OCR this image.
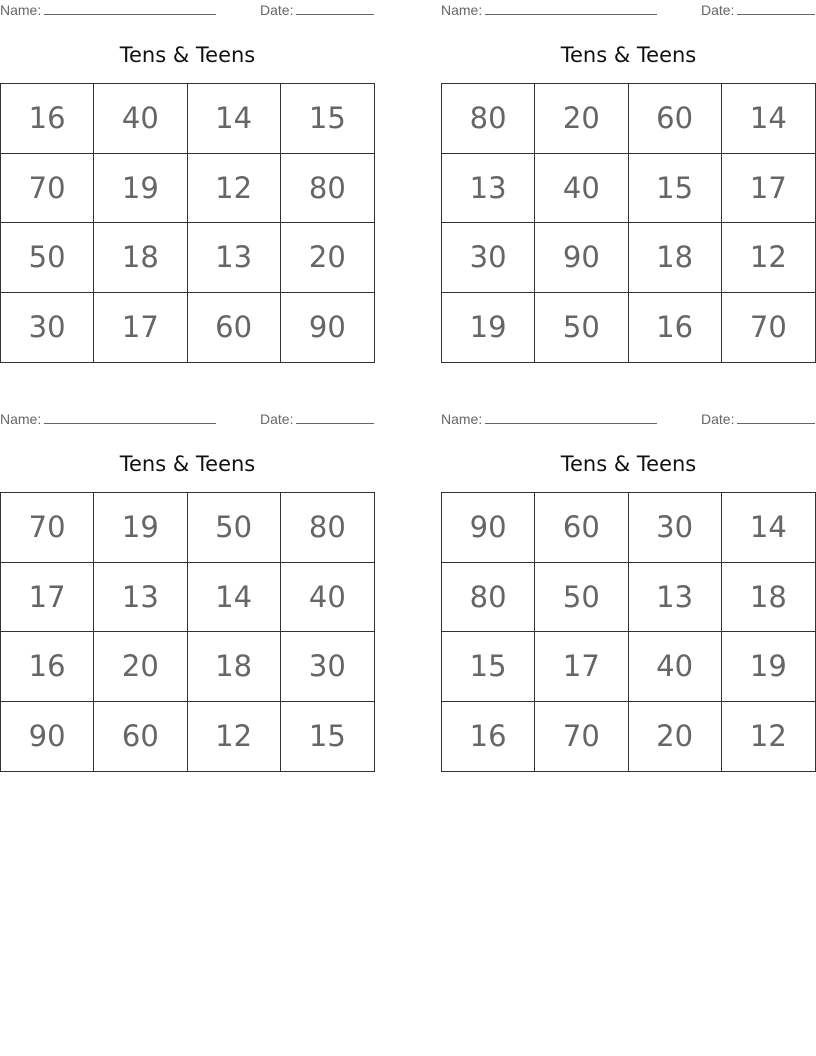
Name:	Date:
Tens & Teens
16	40	14	15
70	19	12	80
50	18	13	20
30	17	60	90
Name:	Date:
Tens & Teens
80	20	60	14
13	40	15	17
30	90	18	12
19	50	16	70
Name:	Date:
Tens & Teens
70	19	50	80
17	13	14	40
16	20	18	30
90	60	12	15
Name:	Date:
Tens & Teens
90	60	30	14
80	50	13	18
15	17	40	19
16	70	20	12
